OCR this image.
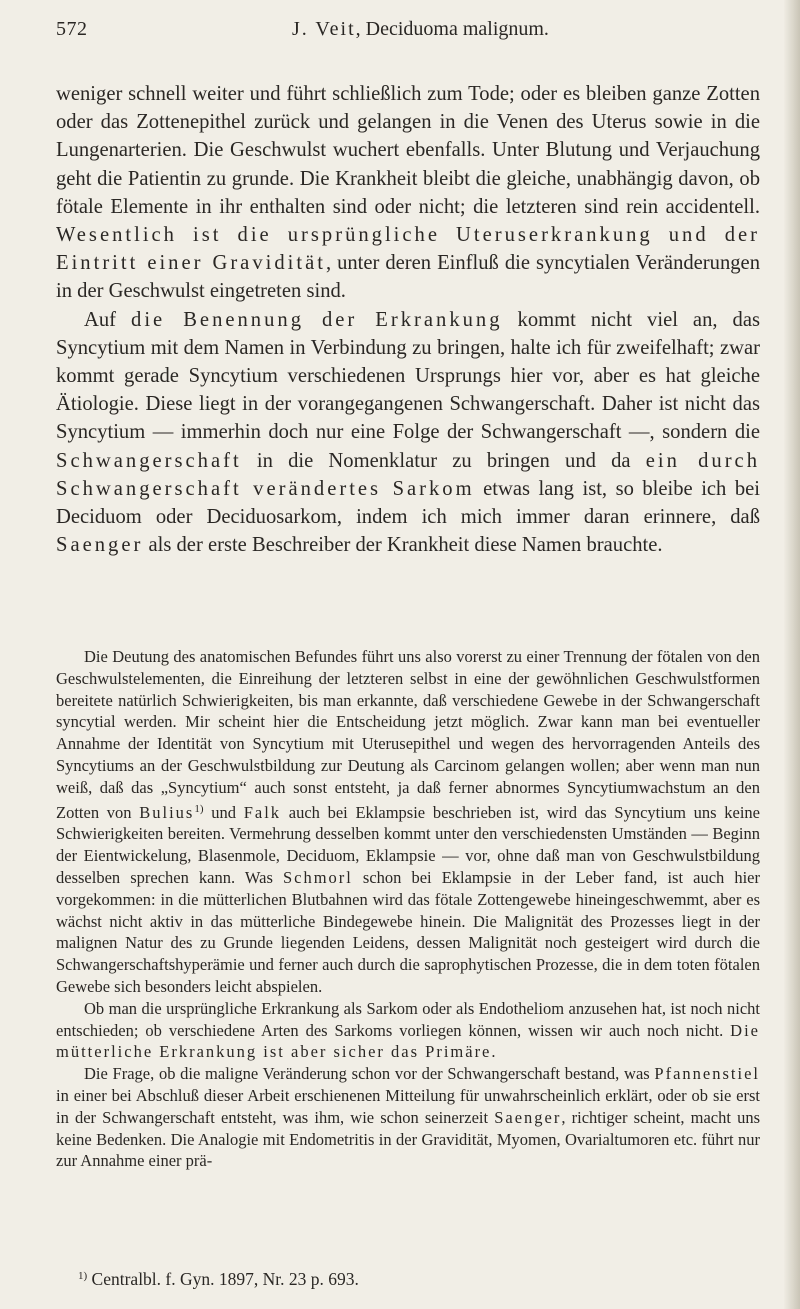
572	J. Veit, Deciduoma malignum.

weniger schnell weiter und führt schließlich zum Tode; oder es bleiben ganze Zotten oder das Zottenepithel zurück und gelangen in die Venen des Uterus sowie in die Lungenarterien. Die Geschwulst wuchert ebenfalls. Unter Blutung und Verjauchung geht die Patientin zu grunde. Die Krankheit bleibt die gleiche, unabhängig davon, ob fötale Elemente in ihr enthalten sind oder nicht; die letzteren sind rein accidentell. Wesentlich ist die ursprüngliche Uteruserkrankung und der Eintritt einer Gravidität, unter deren Einfluß die syncytialen Veränderungen in der Geschwulst eingetreten sind.

Auf die Benennung der Erkrankung kommt nicht viel an, das Syncytium mit dem Namen in Verbindung zu bringen, halte ich für zweifelhaft; zwar kommt gerade Syncytium verschiedenen Ursprungs hier vor, aber es hat gleiche Ätiologie. Diese liegt in der vorangegangenen Schwangerschaft. Daher ist nicht das Syncytium — immerhin doch nur eine Folge der Schwangerschaft —, sondern die Schwangerschaft in die Nomenklatur zu bringen und da ein durch Schwangerschaft verändertes Sarkom etwas lang ist, so bleibe ich bei Deciduom oder Deciduosarkom, indem ich mich immer daran erinnere, daß Saenger als der erste Beschreiber der Krankheit diese Namen brauchte.

Die Deutung des anatomischen Befundes führt uns also vorerst zu einer Trennung der fötalen von den Geschwulstelementen, die Einreihung der letzteren selbst in eine der gewöhnlichen Geschwulstformen bereitete natürlich Schwierigkeiten, bis man erkannte, daß verschiedene Gewebe in der Schwangerschaft syncytial werden. Mir scheint hier die Entscheidung jetzt möglich. Zwar kann man bei eventueller Annahme der Identität von Syncytium mit Uterusepithel und wegen des hervorragenden Anteils des Syncytiums an der Geschwulstbildung zur Deutung als Carcinom gelangen wollen; aber wenn man nun weiß, daß das „Syncytium“ auch sonst entsteht, ja daß ferner abnormes Syncytiumwachstum an den Zotten von Bulius$^{1)}$ und Falk auch bei Eklampsie beschrieben ist, wird das Syncytium uns keine Schwierigkeiten bereiten. Vermehrung desselben kommt unter den verschiedensten Umständen — Beginn der Eientwickelung, Blasenmole, Deciduom, Eklampsie — vor, ohne daß man von Geschwulstbildung desselben sprechen kann. Was Schmorl schon bei Eklampsie in der Leber fand, ist auch hier vorgekommen: in die mütterlichen Blutbahnen wird das fötale Zottengewebe hineingeschwemmt, aber es wächst nicht aktiv in das mütterliche Bindegewebe hinein. Die Malignität des Prozesses liegt in der malignen Natur des zu Grunde liegenden Leidens, dessen Malignität noch gesteigert wird durch die Schwangerschaftshyperämie und ferner auch durch die saprophytischen Prozesse, die in dem toten fötalen Gewebe sich besonders leicht abspielen.

Ob man die ursprüngliche Erkrankung als Sarkom oder als Endotheliom anzusehen hat, ist noch nicht entschieden; ob verschiedene Arten des Sarkoms vorliegen können, wissen wir auch noch nicht. Die mütterliche Erkrankung ist aber sicher das Primäre.

Die Frage, ob die maligne Veränderung schon vor der Schwangerschaft bestand, was Pfannenstiel in einer bei Abschluß dieser Arbeit erschienenen Mitteilung für unwahrscheinlich erklärt, oder ob sie erst in der Schwangerschaft entsteht, was ihm, wie schon seinerzeit Saenger, richtiger scheint, macht uns keine Bedenken. Die Analogie mit Endometritis in der Gravidität, Myomen, Ovarialtumoren etc. führt nur zur Annahme einer prä-

$^{1)}$ Centralbl. f. Gyn. 1897, Nr. 23 p. 693.
